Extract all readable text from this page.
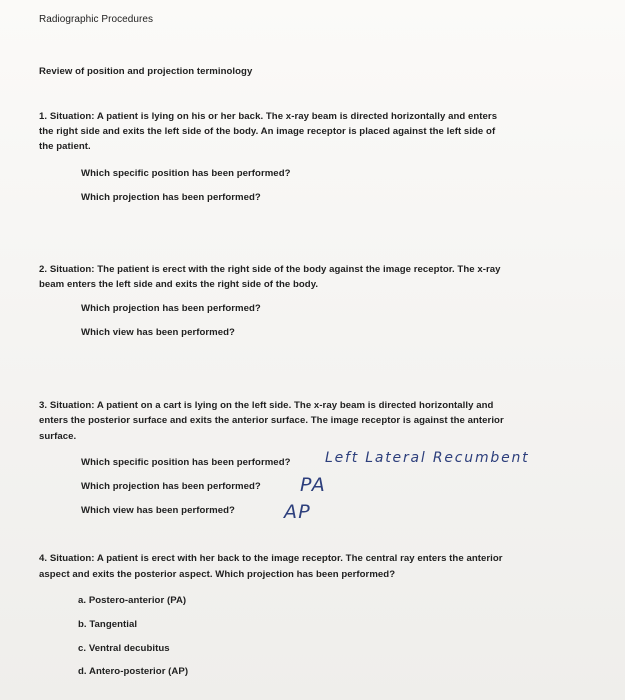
Radiographic Procedures
Review of position and projection terminology
1. Situation: A patient is lying on his or her back. The x-ray beam is directed horizontally and enters
the right side and exits the left side of the body. An image receptor is placed against the left side of
the patient.
Which specific position has been performed?
Which projection has been performed?
2. Situation: The patient is erect with the right side of the body against the image receptor. The x-ray
beam enters the left side and exits the right side of the body.
Which projection has been performed?
Which view has been performed?
3. Situation: A patient on a cart is lying on the left side. The x-ray beam is directed horizontally and
enters the posterior surface and exits the anterior surface. The image receptor is against the anterior
surface.
Which specific position has been performed? Left Lateral Recumbent
Which projection has been performed? PA
Which view has been performed?	AP
4. Situation: A patient is erect with her back to the image receptor. The central ray enters the anterior
aspect and exits the posterior aspect. Which projection has been performed?
a. Postero-anterior (PA)
b. Tangential
c. Ventral decubitus
d. Antero-posterior (AP)
